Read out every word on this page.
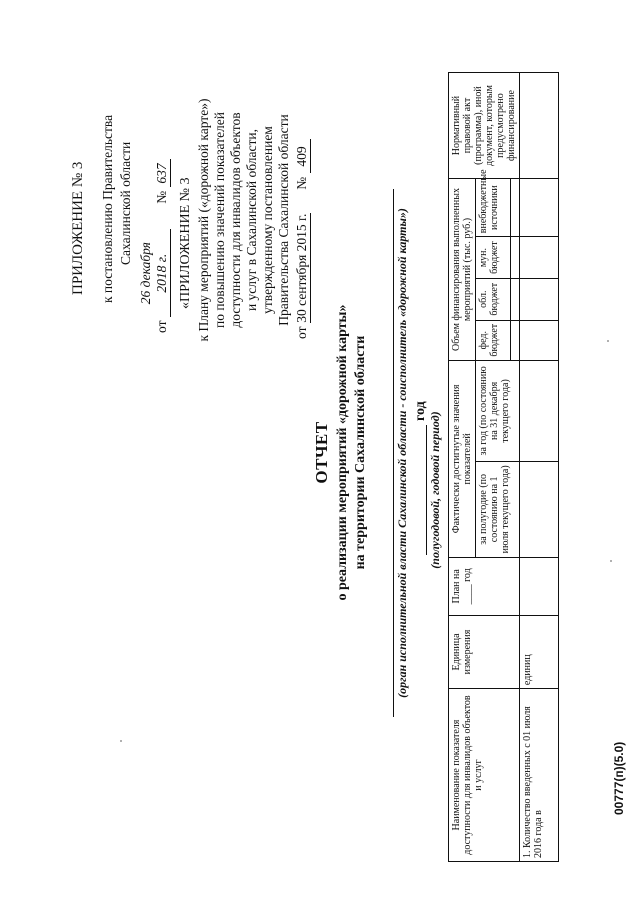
ПРИЛОЖЕНИЕ № 3 к постановлению Правительства Сахалинской области
от 26 декабря 2018 г. № 637
«ПРИЛОЖЕНИЕ № 3 к Плану мероприятий («дорожной карте») по повышению значений показателей доступности для инвалидов объектов и услуг в Сахалинской области, утвержденному постановлением Правительства Сахалинской области
от 30 сентября 2015 г. № 409
ОТЧЕТ о реализации мероприятий «дорожной карты» на территории Сахалинской области (орган исполнительной власти Сахалинской области - соисполнитель «дорожной карты») год
(полугодовой, годовой период)
Наименование показателя доступности для инвалидов объектов и услуг	Единица измерения	План на ____ год	Фактически достигнутые значения показателей		Объем финансирования выполненных мероприятий (тыс. руб.)				Нормативный правовой акт (программа), иной документ, которым предусмотрено финансирование
			за полугодие (по состоянию на 1 июля текущего года)	за год (по состоянию на 31 декабря текущего года)	фед. бюджет	обл. бюджет	мун. бюджет	внебюджетные источники	

1. Количество введенных с 01 июля 2016 года в	единиц								
00777(п)(5.0)
